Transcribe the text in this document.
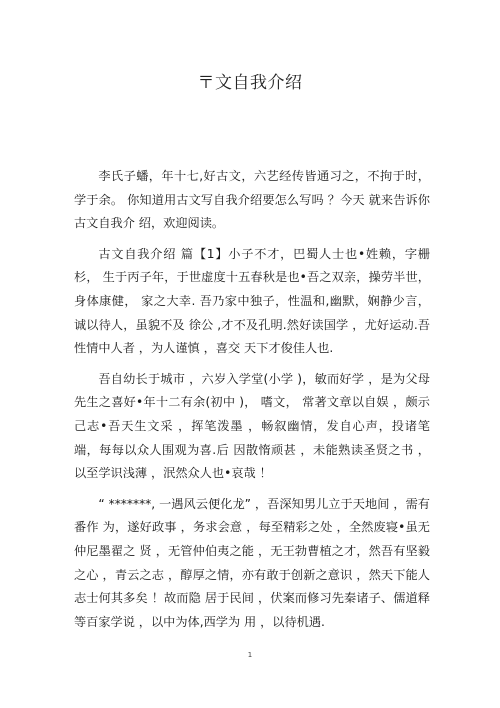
〒文自我介绍

李氏子蟠，年十七,好古文，六艺经传皆通习之，不拘于时，学于余。 你知道用古文写自我介绍要怎么写吗 ？今天 就来告诉你古文自我介 绍，欢迎阅读。

古文自我介绍 篇【1】小子不才，巴蜀人士也•姓赖，字栅杉， 生于丙子年，于世虚度十五春秋是也•吾之双亲，操劳半世，身体康健， 家之大幸. 吾乃家中独子，性温和,幽默，娴静少言，诚以待人，虽貌不及 徐公 ,才不及孔明.然好读国学 ，尤好运动.吾性情中人者 ，为人谨慎 ，喜交 天下才俊佳人也.

吾自幼长于城市 ，六岁入学堂(小学 )，敏而好学 ，是为父母先生之喜好•年十二有余(初中 )， 嗜文， 常著文章以自娱 ，颇示己志•吾天生文采 ，挥笔泼墨 ，畅叙幽情，发自心声，投诸笔端，每每以众人围观为喜.后 因散惰顽甚 ，未能熟读圣贤之书 ，以至学识浅薄 ，泯然众人也•哀哉 ！

“ *******, 一遇风云便化龙” ，吾深知男儿立于天地间 ，需有番作 为，遂好政事 ，务求会意 ，每至精彩之处 ，全然废寝•虽无仲尼墨翟之 贤 ，无管仲伯夷之能 ，无王勃曹植之才，然吾有坚毅之心 ，青云之志 ，醇厚之情，亦有敢于创新之意识 ，然天下能人志士何其多矣 ！故而隐 居于民间 ，伏案而修习先秦诸子、儒道释等百家学说 ，以中为体,西学为 用 ，以待机遇.

1
